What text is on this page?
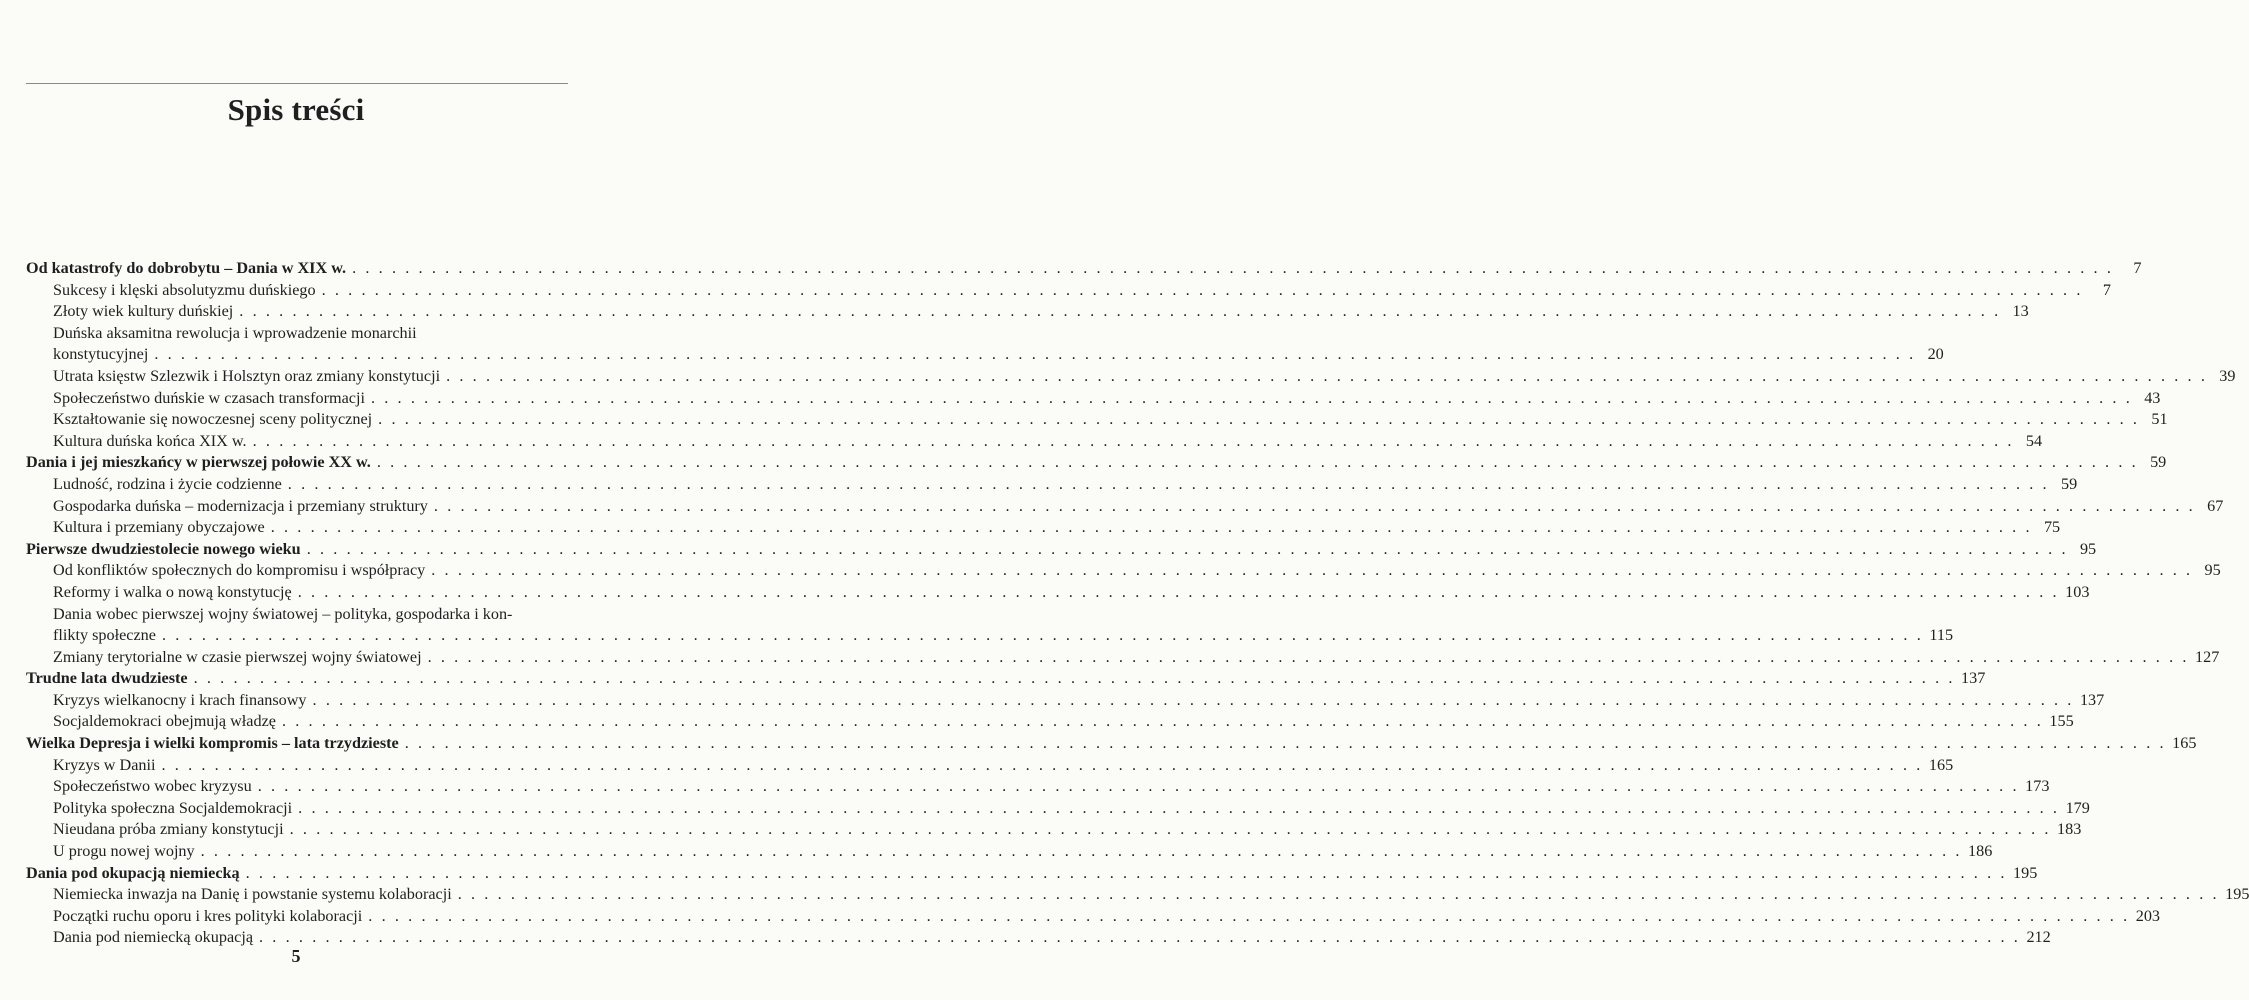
Spis treści
Od katastrofy do dobrobytu – Dania w XIX w. . . . . . . . . . . . . . . . . . . . . . . . . . . . . . . . . . . . . . . . . . . . . . . . . . . . . . . . . . . . . . . . . . . . . . . . . . . . . . . . . . . . . . . . . . . . . . . . . . . . . . . . . . . . . . . . . . . . . . . . . . . . . . . . . . . . . .	7
Sukcesy i klęski absolutyzmu duńskiego . . . . . . . . . . . . . . . . . . . . . . . . . . . . . . . . . . . . . . . . . . . . . . . . . . . . . . . . . . . . . . . . . . . . . . . . . . . . . . . . . . . . . . . . . . . . . . . . . . . . . . . . . . . . . . . . . . . . . . . . . . . . . . . . . . . . .	7
Złoty wiek kultury duńskiej . . . . . . . . . . . . . . . . . . . . . . . . . . . . . . . . . . . . . . . . . . . . . . . . . . . . . . . . . . . . . . . . . . . . . . . . . . . . . . . . . . . . . . . . . . . . . . . . . . . . . . . . . . . . . . . . . . . . . . . . . . . . . . . . . . . . . 13
Duńska aksamitna rewolucja i wprowadzenie monarchii
konstytucyjnej . . . . . . . . . . . . . . . . . . . . . . . . . . . . . . . . . . . . . . . . . . . . . . . . . . . . . . . . . . . . . . . . . . . . . . . . . . . . . . . . . . . . . . . . . . . . . . . . . . . . . . . . . . . . . . . . . . . . . . . . . . . . . . . . . . . . . 20
Utrata księstw Szlezwik i Holsztyn oraz zmiany konstytucji . . . . . . . . . . . . . . . . . . . . . . . . . . . . . . . . . . . . . . . . . . . . . . . . . . . . . . . . . . . . . . . . . . . . . . . . . . . . . . . . . . . . . . . . . . . . . . . . . . . . . . . . . . . . . . . . . . . . . . . . . . . . . . . . . . . . . 39
Społeczeństwo duńskie w czasach transformacji . . . . . . . . . . . . . . . . . . . . . . . . . . . . . . . . . . . . . . . . . . . . . . . . . . . . . . . . . . . . . . . . . . . . . . . . . . . . . . . . . . . . . . . . . . . . . . . . . . . . . . . . . . . . . . . . . . . . . . . . . . . . . . . . . . . . . 43
Kształtowanie się nowoczesnej sceny politycznej . . . . . . . . . . . . . . . . . . . . . . . . . . . . . . . . . . . . . . . . . . . . . . . . . . . . . . . . . . . . . . . . . . . . . . . . . . . . . . . . . . . . . . . . . . . . . . . . . . . . . . . . . . . . . . . . . . . . . . . . . . . . . . . . . . . . . 51
Kultura duńska końca XIX w. . . . . . . . . . . . . . . . . . . . . . . . . . . . . . . . . . . . . . . . . . . . . . . . . . . . . . . . . . . . . . . . . . . . . . . . . . . . . . . . . . . . . . . . . . . . . . . . . . . . . . . . . . . . . . . . . . . . . . . . . . . . . . . . . . . . . . 54
Dania i jej mieszkańcy w pierwszej połowie XX w. . . . . . . . . . . . . . . . . . . . . . . . . . . . . . . . . . . . . . . . . . . . . . . . . . . . . . . . . . . . . . . . . . . . . . . . . . . . . . . . . . . . . . . . . . . . . . . . . . . . . . . . . . . . . . . . . . . . . . . . . . . . . . . . . . . . . . 59
Ludność, rodzina i życie codzienne . . . . . . . . . . . . . . . . . . . . . . . . . . . . . . . . . . . . . . . . . . . . . . . . . . . . . . . . . . . . . . . . . . . . . . . . . . . . . . . . . . . . . . . . . . . . . . . . . . . . . . . . . . . . . . . . . . . . . . . . . . . . . . . . . . . . . 59
Gospodarka duńska – modernizacja i przemiany struktury . . . . . . . . . . . . . . . . . . . . . . . . . . . . . . . . . . . . . . . . . . . . . . . . . . . . . . . . . . . . . . . . . . . . . . . . . . . . . . . . . . . . . . . . . . . . . . . . . . . . . . . . . . . . . . . . . . . . . . . . . . . . . . . . . . . . . 67
Kultura i przemiany obyczajowe . . . . . . . . . . . . . . . . . . . . . . . . . . . . . . . . . . . . . . . . . . . . . . . . . . . . . . . . . . . . . . . . . . . . . . . . . . . . . . . . . . . . . . . . . . . . . . . . . . . . . . . . . . . . . . . . . . . . . . . . . . . . . . . . . . . . . 75
Pierwsze dwudziestolecie nowego wieku . . . . . . . . . . . . . . . . . . . . . . . . . . . . . . . . . . . . . . . . . . . . . . . . . . . . . . . . . . . . . . . . . . . . . . . . . . . . . . . . . . . . . . . . . . . . . . . . . . . . . . . . . . . . . . . . . . . . . . . . . . . . . . . . . . . . . 95
Od konfliktów społecznych do kompromisu i współpracy . . . . . . . . . . . . . . . . . . . . . . . . . . . . . . . . . . . . . . . . . . . . . . . . . . . . . . . . . . . . . . . . . . . . . . . . . . . . . . . . . . . . . . . . . . . . . . . . . . . . . . . . . . . . . . . . . . . . . . . . . . . . . . . . . . . . . 95
Reformy i walka o nową konstytucję . . . . . . . . . . . . . . . . . . . . . . . . . . . . . . . . . . . . . . . . . . . . . . . . . . . . . . . . . . . . . . . . . . . . . . . . . . . . . . . . . . . . . . . . . . . . . . . . . . . . . . . . . . . . . . . . . . . . . . . . . . . . . . . . . . . . . 103
Dania wobec pierwszej wojny światowej – polityka, gospodarka i kon-
flikty społeczne . . . . . . . . . . . . . . . . . . . . . . . . . . . . . . . . . . . . . . . . . . . . . . . . . . . . . . . . . . . . . . . . . . . . . . . . . . . . . . . . . . . . . . . . . . . . . . . . . . . . . . . . . . . . . . . . . . . . . . . . . . . . . . . . . . . . . 115
Zmiany terytorialne w czasie pierwszej wojny światowej . . . . . . . . . . . . . . . . . . . . . . . . . . . . . . . . . . . . . . . . . . . . . . . . . . . . . . . . . . . . . . . . . . . . . . . . . . . . . . . . . . . . . . . . . . . . . . . . . . . . . . . . . . . . . . . . . . . . . . . . . . . . . . . . . . . . . 127
Trudne lata dwudzieste . . . . . . . . . . . . . . . . . . . . . . . . . . . . . . . . . . . . . . . . . . . . . . . . . . . . . . . . . . . . . . . . . . . . . . . . . . . . . . . . . . . . . . . . . . . . . . . . . . . . . . . . . . . . . . . . . . . . . . . . . . . . . . . . . . . . . 137
Kryzys wielkanocny i krach finansowy . . . . . . . . . . . . . . . . . . . . . . . . . . . . . . . . . . . . . . . . . . . . . . . . . . . . . . . . . . . . . . . . . . . . . . . . . . . . . . . . . . . . . . . . . . . . . . . . . . . . . . . . . . . . . . . . . . . . . . . . . . . . . . . . . . . . . 137
Socjaldemokraci obejmują władzę . . . . . . . . . . . . . . . . . . . . . . . . . . . . . . . . . . . . . . . . . . . . . . . . . . . . . . . . . . . . . . . . . . . . . . . . . . . . . . . . . . . . . . . . . . . . . . . . . . . . . . . . . . . . . . . . . . . . . . . . . . . . . . . . . . . . . 155
Wielka Depresja i wielki kompromis – lata trzydzieste . . . . . . . . . . . . . . . . . . . . . . . . . . . . . . . . . . . . . . . . . . . . . . . . . . . . . . . . . . . . . . . . . . . . . . . . . . . . . . . . . . . . . . . . . . . . . . . . . . . . . . . . . . . . . . . . . . . . . . . . . . . . . . . . . . . . . 165
Kryzys w Danii . . . . . . . . . . . . . . . . . . . . . . . . . . . . . . . . . . . . . . . . . . . . . . . . . . . . . . . . . . . . . . . . . . . . . . . . . . . . . . . . . . . . . . . . . . . . . . . . . . . . . . . . . . . . . . . . . . . . . . . . . . . . . . . . . . . . . 165
Społeczeństwo wobec kryzysu . . . . . . . . . . . . . . . . . . . . . . . . . . . . . . . . . . . . . . . . . . . . . . . . . . . . . . . . . . . . . . . . . . . . . . . . . . . . . . . . . . . . . . . . . . . . . . . . . . . . . . . . . . . . . . . . . . . . . . . . . . . . . . . . . . . . . 173
Polityka społeczna Socjaldemokracji . . . . . . . . . . . . . . . . . . . . . . . . . . . . . . . . . . . . . . . . . . . . . . . . . . . . . . . . . . . . . . . . . . . . . . . . . . . . . . . . . . . . . . . . . . . . . . . . . . . . . . . . . . . . . . . . . . . . . . . . . . . . . . . . . . . . . 179
Nieudana próba zmiany konstytucji . . . . . . . . . . . . . . . . . . . . . . . . . . . . . . . . . . . . . . . . . . . . . . . . . . . . . . . . . . . . . . . . . . . . . . . . . . . . . . . . . . . . . . . . . . . . . . . . . . . . . . . . . . . . . . . . . . . . . . . . . . . . . . . . . . . . . 183
U progu nowej wojny . . . . . . . . . . . . . . . . . . . . . . . . . . . . . . . . . . . . . . . . . . . . . . . . . . . . . . . . . . . . . . . . . . . . . . . . . . . . . . . . . . . . . . . . . . . . . . . . . . . . . . . . . . . . . . . . . . . . . . . . . . . . . . . . . . . . . 186
Dania pod okupacją niemiecką . . . . . . . . . . . . . . . . . . . . . . . . . . . . . . . . . . . . . . . . . . . . . . . . . . . . . . . . . . . . . . . . . . . . . . . . . . . . . . . . . . . . . . . . . . . . . . . . . . . . . . . . . . . . . . . . . . . . . . . . . . . . . . . . . . . . . 195
Niemiecka inwazja na Danię i powstanie systemu kolaboracji . . . . . . . . . . . . . . . . . . . . . . . . . . . . . . . . . . . . . . . . . . . . . . . . . . . . . . . . . . . . . . . . . . . . . . . . . . . . . . . . . . . . . . . . . . . . . . . . . . . . . . . . . . . . . . . . . . . . . . . . . . . . . . . . . . . . . 195
Początki ruchu oporu i kres polityki kolaboracji . . . . . . . . . . . . . . . . . . . . . . . . . . . . . . . . . . . . . . . . . . . . . . . . . . . . . . . . . . . . . . . . . . . . . . . . . . . . . . . . . . . . . . . . . . . . . . . . . . . . . . . . . . . . . . . . . . . . . . . . . . . . . . . . . . . . . 203
Dania pod niemiecką okupacją . . . . . . . . . . . . . . . . . . . . . . . . . . . . . . . . . . . . . . . . . . . . . . . . . . . . . . . . . . . . . . . . . . . . . . . . . . . . . . . . . . . . . . . . . . . . . . . . . . . . . . . . . . . . . . . . . . . . . . . . . . . . . . . . . . . . . 212
5
